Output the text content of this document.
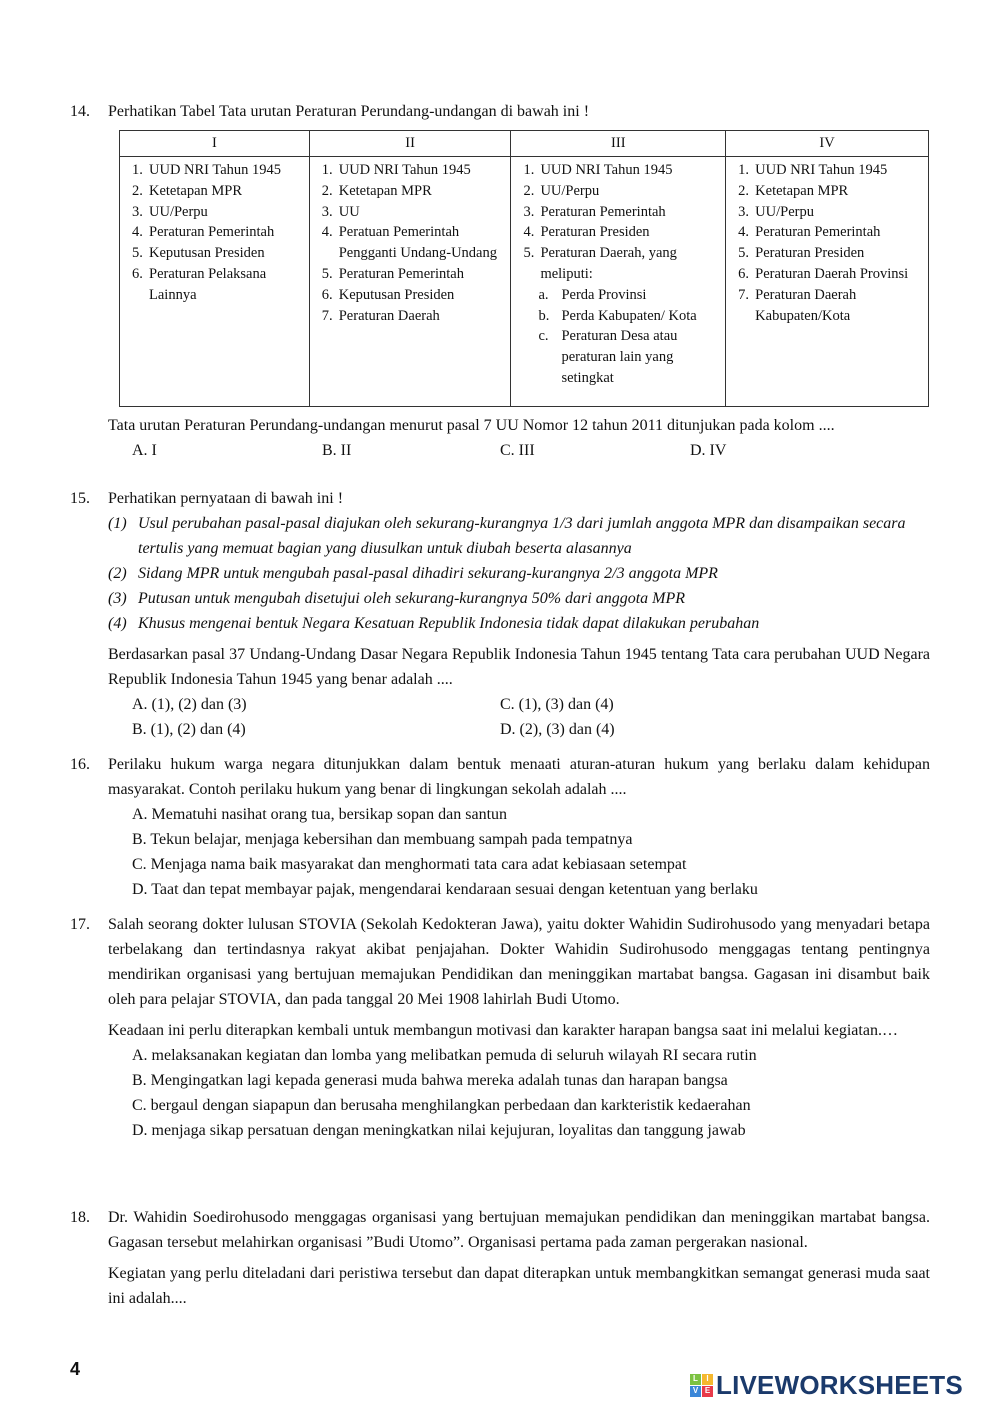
14.	Perhatikan Tabel Tata urutan Peraturan Perundang-undangan di bawah ini !
I	II	III	IV

1. UUD NRI Tahun 1945
2. Ketetapan MPR
3. UU/Perpu
4. Peraturan Pemerintah
5. Keputusan Presiden
6. Peraturan Pelaksana Lainnya

1. UUD NRI Tahun 1945
2. Ketetapan MPR
3. UU
4. Peratuan Pemerintah Pengganti Undang-Undang
5. Peraturan Pemerintah
6. Keputusan Presiden
7. Peraturan Daerah

1. UUD NRI Tahun 1945
2. UU/Perpu
3. Peraturan Pemerintah
4. Peraturan Presiden
5. Peraturan Daerah, yang meliputi:
a. Perda Provinsi
b. Perda Kabupaten/ Kota
c. Peraturan Desa atau peraturan lain yang setingkat

1. UUD NRI Tahun 1945
2. Ketetapan MPR
3. UU/Perpu
4. Peraturan Pemerintah
5. Peraturan Presiden
6. Peraturan Daerah Provinsi
7. Peraturan Daerah Kabupaten/Kota
Tata urutan Peraturan Perundang-undangan menurut pasal 7 UU Nomor 12 tahun 2011 ditunjukan pada kolom ....
A. I	B. II	C. III	D. IV
15.	Perhatikan pernyataan di bawah ini !
(1) Usul perubahan pasal-pasal diajukan oleh sekurang-kurangnya 1/3 dari jumlah anggota MPR dan disampaikan secara tertulis yang memuat bagian yang diusulkan untuk diubah beserta alasannya
(2) Sidang MPR untuk mengubah pasal-pasal dihadiri sekurang-kurangnya 2/3 anggota MPR
(3) Putusan untuk mengubah disetujui oleh sekurang-kurangnya 50% dari anggota MPR
(4) Khusus mengenai bentuk Negara Kesatuan Republik Indonesia tidak dapat dilakukan perubahan
Berdasarkan pasal 37 Undang-Undang Dasar Negara Republik Indonesia Tahun 1945 tentang Tata cara perubahan UUD Negara Republik Indonesia Tahun 1945 yang benar adalah ....
A. (1), (2) dan (3)	C. (1), (3) dan (4)
B. (1), (2) dan (4)	D. (2), (3) dan (4)
16.	Perilaku hukum warga negara ditunjukkan dalam bentuk menaati aturan-aturan hukum yang berlaku dalam kehidupan masyarakat. Contoh perilaku hukum yang benar di lingkungan sekolah adalah ....
A. Mematuhi nasihat orang tua, bersikap sopan dan santun
B. Tekun belajar, menjaga kebersihan dan membuang sampah pada tempatnya
C. Menjaga nama baik masyarakat dan menghormati tata cara adat kebiasaan setempat
D. Taat dan tepat membayar pajak, mengendarai kendaraan sesuai dengan ketentuan yang berlaku
17.	Salah seorang dokter lulusan STOVIA (Sekolah Kedokteran Jawa), yaitu dokter Wahidin Sudirohusodo yang menyadari betapa terbelakang dan tertindasnya rakyat akibat penjajahan. Dokter Wahidin Sudirohusodo menggagas tentang pentingnya mendirikan organisasi yang bertujuan memajukan Pendidikan dan meninggikan martabat bangsa. Gagasan ini disambut baik oleh para pelajar STOVIA, dan pada tanggal 20 Mei 1908 lahirlah Budi Utomo.
Keadaan ini perlu diterapkan kembali untuk membangun motivasi dan karakter harapan bangsa saat ini melalui kegiatan.…
A. melaksanakan kegiatan dan lomba yang melibatkan pemuda di seluruh wilayah RI secara rutin
B. Mengingatkan lagi kepada generasi muda bahwa mereka adalah tunas dan harapan bangsa
C. bergaul dengan siapapun dan berusaha menghilangkan perbedaan dan karkteristik kedaerahan
D. menjaga sikap persatuan dengan meningkatkan nilai kejujuran, loyalitas dan tanggung jawab
18.	Dr. Wahidin Soedirohusodo menggagas organisasi yang bertujuan memajukan pendidikan dan meninggikan martabat bangsa. Gagasan tersebut melahirkan organisasi ”Budi Utomo”. Organisasi pertama pada zaman pergerakan nasional.
Kegiatan yang perlu diteladani dari peristiwa tersebut dan dapat diterapkan untuk membangkitkan semangat generasi muda saat ini adalah....
4	L	I
V E LIVEWORKSHEETS
